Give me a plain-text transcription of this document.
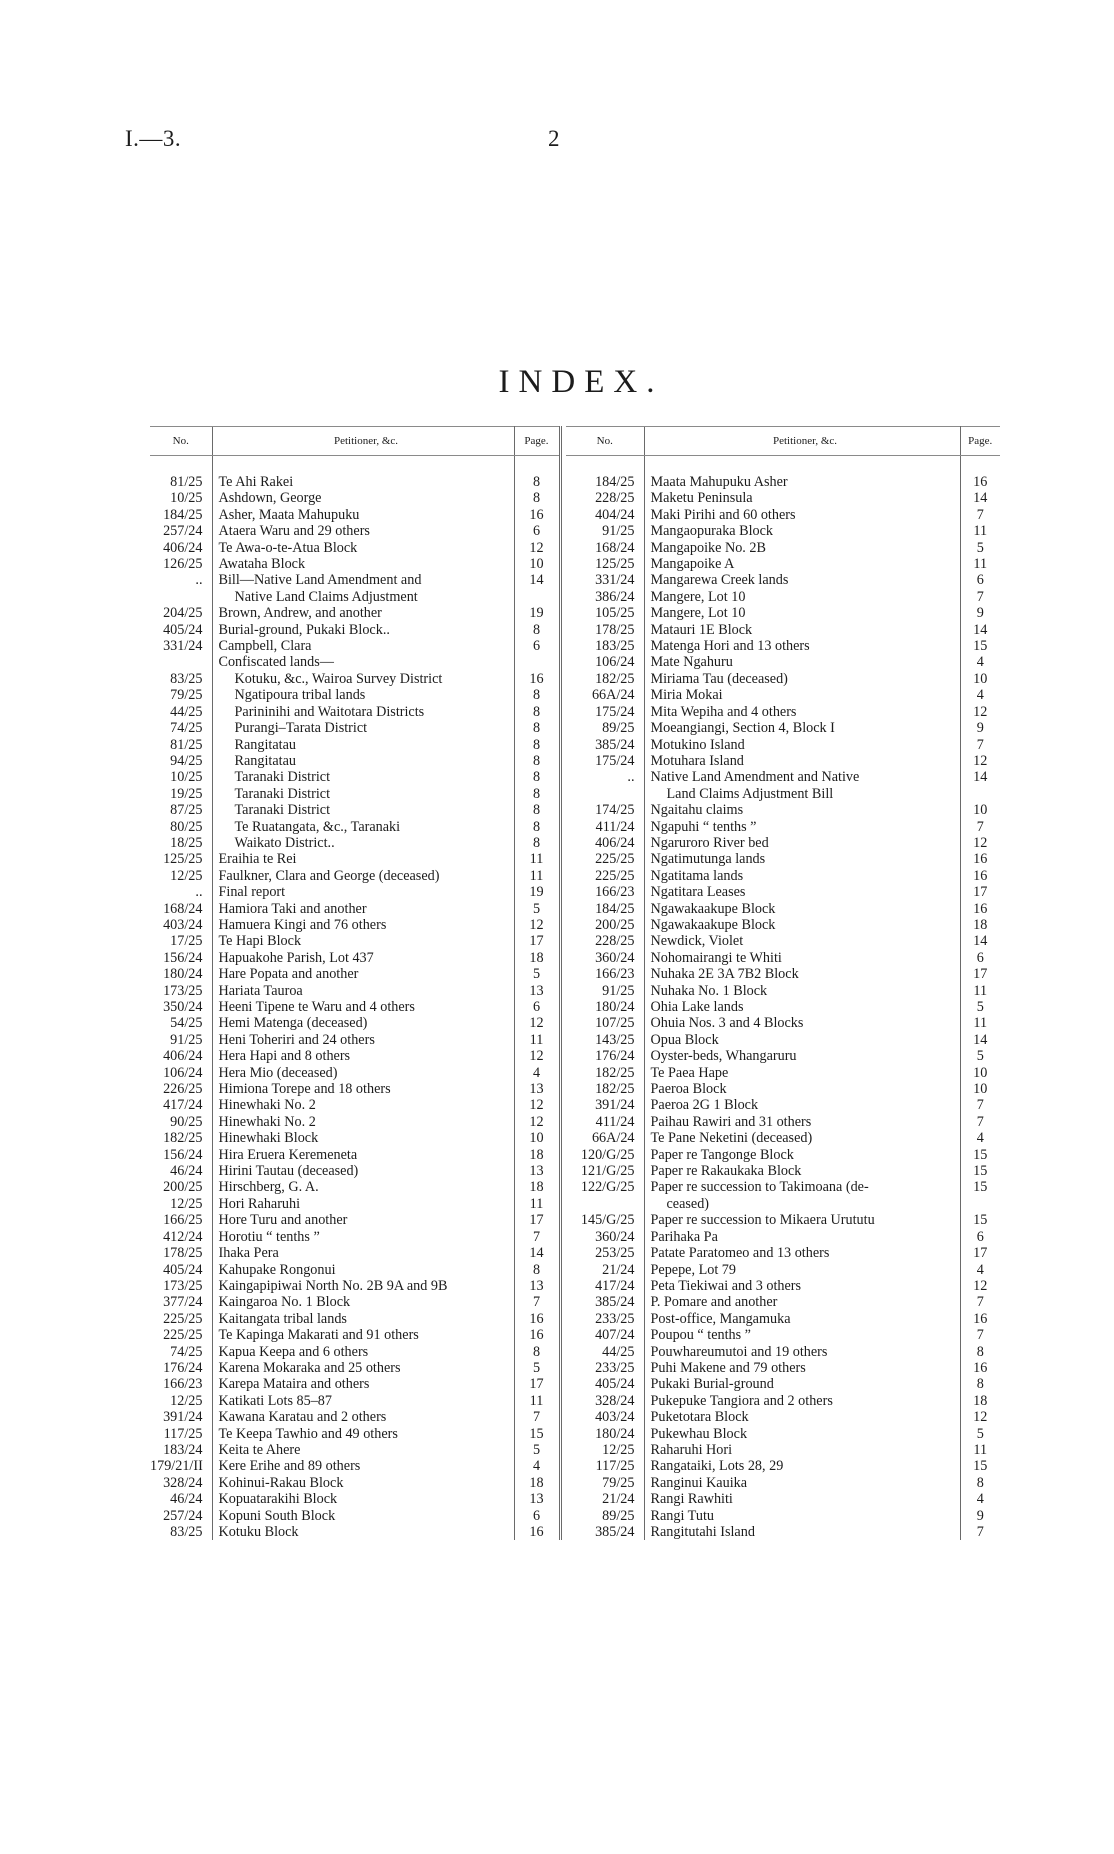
I.—3.	2
INDEX.
No.	Petitioner, &c.	Page.

81/25	Te Ahi Rakei	8
10/25	Ashdown, George	8
184/25	Asher, Maata Mahupuku	16
257/24	Ataera Waru and 29 others	6
406/24	Te Awa-o-te-Atua Block	12
126/25	Awataha Block	10

..	Bill—Native Land Amendment and	14
	Native Land Claims Adjustment	
204/25	Brown, Andrew, and another	19
405/24	Burial-ground, Pukaki Block..	8

331/24	Campbell, Clara	6
	Confiscated lands—	
83/25	Kotuku, &c., Wairoa Survey District	16
79/25	Ngatipoura tribal lands	8
44/25	Parininihi and Waitotara Districts	8
74/25	Purangi–Tarata District	8
81/25	Rangitatau	8
94/25	Rangitatau	8
10/25	Taranaki District	8
19/25	Taranaki District	8
87/25	Taranaki District	8
80/25	Te Ruatangata, &c., Taranaki	8
18/25	Waikato District..	8

125/25	Eraihia te Rei	11

12/25	Faulkner, Clara and George (deceased)	11
..	Final report	19

168/24	Hamiora Taki and another	5
403/24	Hamuera Kingi and 76 others	12
17/25	Te Hapi Block	17
156/24	Hapuakohe Parish, Lot 437	18
180/24	Hare Popata and another	5
173/25	Hariata Tauroa	13
350/24	Heeni Tipene te Waru and 4 others	6
54/25	Hemi Matenga (deceased)	12
91/25	Heni Toheriri and 24 others	11
406/24	Hera Hapi and 8 others	12
106/24	Hera Mio (deceased)	4
226/25	Himiona Torepe and 18 others	13
417/24	Hinewhaki No. 2	12
90/25	Hinewhaki No. 2	12
182/25	Hinewhaki Block	10
156/24	Hira Eruera Keremeneta	18
46/24	Hirini Tautau (deceased)	13
200/25	Hirschberg, G. A.	18
12/25	Hori Raharuhi	11
166/25	Hore Turu and another	17
412/24	Horotiu “ tenths ”	7

178/25	Ihaka Pera	14

405/24	Kahupake Rongonui	8
173/25	Kaingapipiwai North No. 2B 9A and 9B	13
377/24	Kaingaroa No. 1 Block	7
225/25	Kaitangata tribal lands	16
225/25	Te Kapinga Makarati and 91 others	16
74/25	Kapua Keepa and 6 others	8
176/24	Karena Mokaraka and 25 others	5
166/23	Karepa Mataira and others	17
12/25	Katikati Lots 85–87	11
391/24	Kawana Karatau and 2 others	7
117/25	Te Keepa Tawhio and 49 others	15
183/24	Keita te Ahere	5
179/21/II	Kere Erihe and 89 others	4
328/24	Kohinui-Rakau Block	18
46/24	Kopuatarakihi Block	13
257/24	Kopuni South Block	6
83/25	Kotuku Block	16
No.	Petitioner, &c.	Page.

184/25	Maata Mahupuku Asher	16
228/25	Maketu Peninsula	14
404/24	Maki Pirihi and 60 others	7
91/25	Mangaopuraka Block	11
168/24	Mangapoike No. 2B	5
125/25	Mangapoike A	11
331/24	Mangarewa Creek lands	6
386/24	Mangere, Lot 10	7
105/25	Mangere, Lot 10	9
178/25	Matauri 1E Block	14
183/25	Matenga Hori and 13 others	15
106/24	Mate Ngahuru	4
182/25	Miriama Tau (deceased)	10
66A/24	Miria Mokai	4
175/24	Mita Wepiha and 4 others	12
89/25	Moeangiangi, Section 4, Block I	9
385/24	Motukino Island	7
175/24	Motuhara Island	12

..	Native Land Amendment and Native	14
	Land Claims Adjustment Bill	
174/25	Ngaitahu claims	10
411/24	Ngapuhi “ tenths ”	7
406/24	Ngaruroro River bed	12
225/25	Ngatimutunga lands	16
225/25	Ngatitama lands	16
166/23	Ngatitara Leases	17
184/25	Ngawakaakupe Block	16
200/25	Ngawakaakupe Block	18
228/25	Newdick, Violet	14
360/24	Nohomairangi te Whiti	6
166/23	Nuhaka 2E 3A 7B2 Block	17
91/25	Nuhaka No. 1 Block	11

180/24	Ohia Lake lands	5
107/25	Ohuia Nos. 3 and 4 Blocks	11
143/25	Opua Block	14
176/24	Oyster-beds, Whangaruru	5

182/25	Te Paea Hape	10
182/25	Paeroa Block	10
391/24	Paeroa 2G 1 Block	7
411/24	Paihau Rawiri and 31 others	7
66A/24	Te Pane Neketini (deceased)	4
120/G/25	Paper re Tangonge Block	15
121/G/25	Paper re Rakaukaka Block	15
122/G/25	Paper re succession to Takimoana (de-	15
	ceased)	
145/G/25	Paper re succession to Mikaera Urututu	15
360/24	Parihaka Pa	6
253/25	Patate Paratomeo and 13 others	17
21/24	Pepepe, Lot 79	4
417/24	Peta Tiekiwai and 3 others	12
385/24	P. Pomare and another	7
233/25	Post-office, Mangamuka	16
407/24	Poupou “ tenths ”	7
44/25	Pouwhareumutoi and 19 others	8
233/25	Puhi Makene and 79 others	16
405/24	Pukaki Burial-ground	8
328/24	Pukepuke Tangiora and 2 others	18
403/24	Puketotara Block	12
180/24	Pukewhau Block	5

12/25	Raharuhi Hori	11
117/25	Rangataiki, Lots 28, 29	15
79/25	Ranginui Kauika	8
21/24	Rangi Rawhiti	4
89/25	Rangi Tutu	9
385/24	Rangitutahi Island	7
